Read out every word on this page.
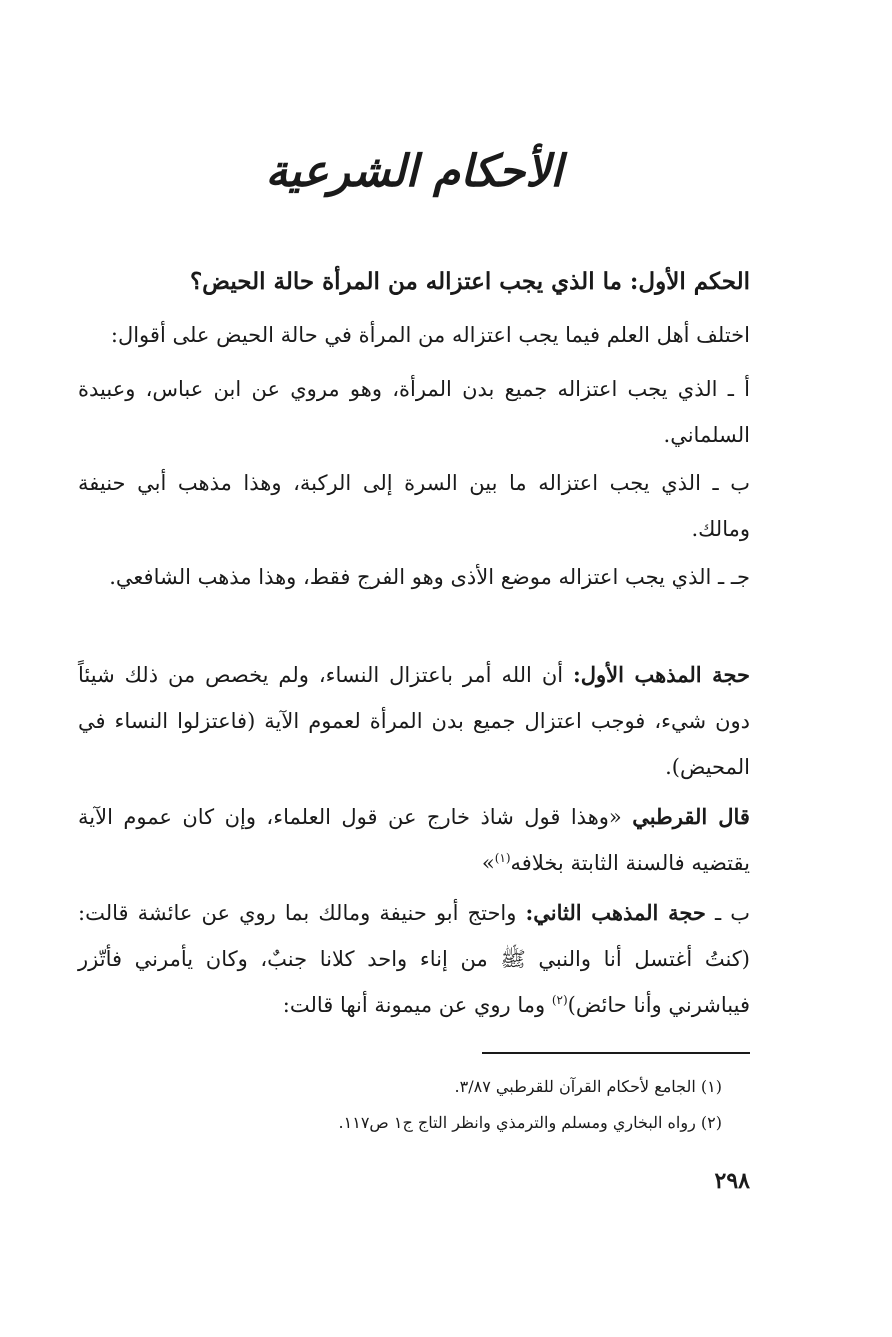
الأحكام الشرعية
الحكم الأول: ما الذي يجب اعتزاله من المرأة حالة الحيض؟

اختلف أهل العلم فيما يجب اعتزاله من المرأة في حالة الحيض على أقوال:

أ ـ الذي يجب اعتزاله جميع بدن المرأة، وهو مروي عن ابن عباس، وعبيدة السلماني.

ب ـ الذي يجب اعتزاله ما بين السرة إلى الركبة، وهذا مذهب أبي حنيفة ومالك.

جـ ـ الذي يجب اعتزاله موضع الأذى وهو الفرج فقط، وهذا مذهب الشافعي.

حجة المذهب الأول: أن الله أمر باعتزال النساء، ولم يخصص من ذلك شيئاً دون شيء، فوجب اعتزال جميع بدن المرأة لعموم الآية (فاعتزلوا النساء في المحيض).

قال القرطبي «وهذا قول شاذ خارج عن قول العلماء، وإن كان عموم الآية يقتضيه فالسنة الثابتة بخلافه$^{(١)}$»

ب ـ حجة المذهب الثاني: واحتج أبو حنيفة ومالك بما روي عن عائشة قالت: (كنتُ أغتسل أنا والنبي ﷺ من إناء واحد كلانا جنبٌ، وكان يأمرني فأتّزر فيباشرني وأنا حائض)$^{(٢)}$ وما روي عن ميمونة أنها قالت:

(١) الجامع لأحكام القرآن للقرطبي ٣/٨٧.

(٢) رواه البخاري ومسلم والترمذي وانظر التاج ج١ ص١١٧.

٢٩٨
